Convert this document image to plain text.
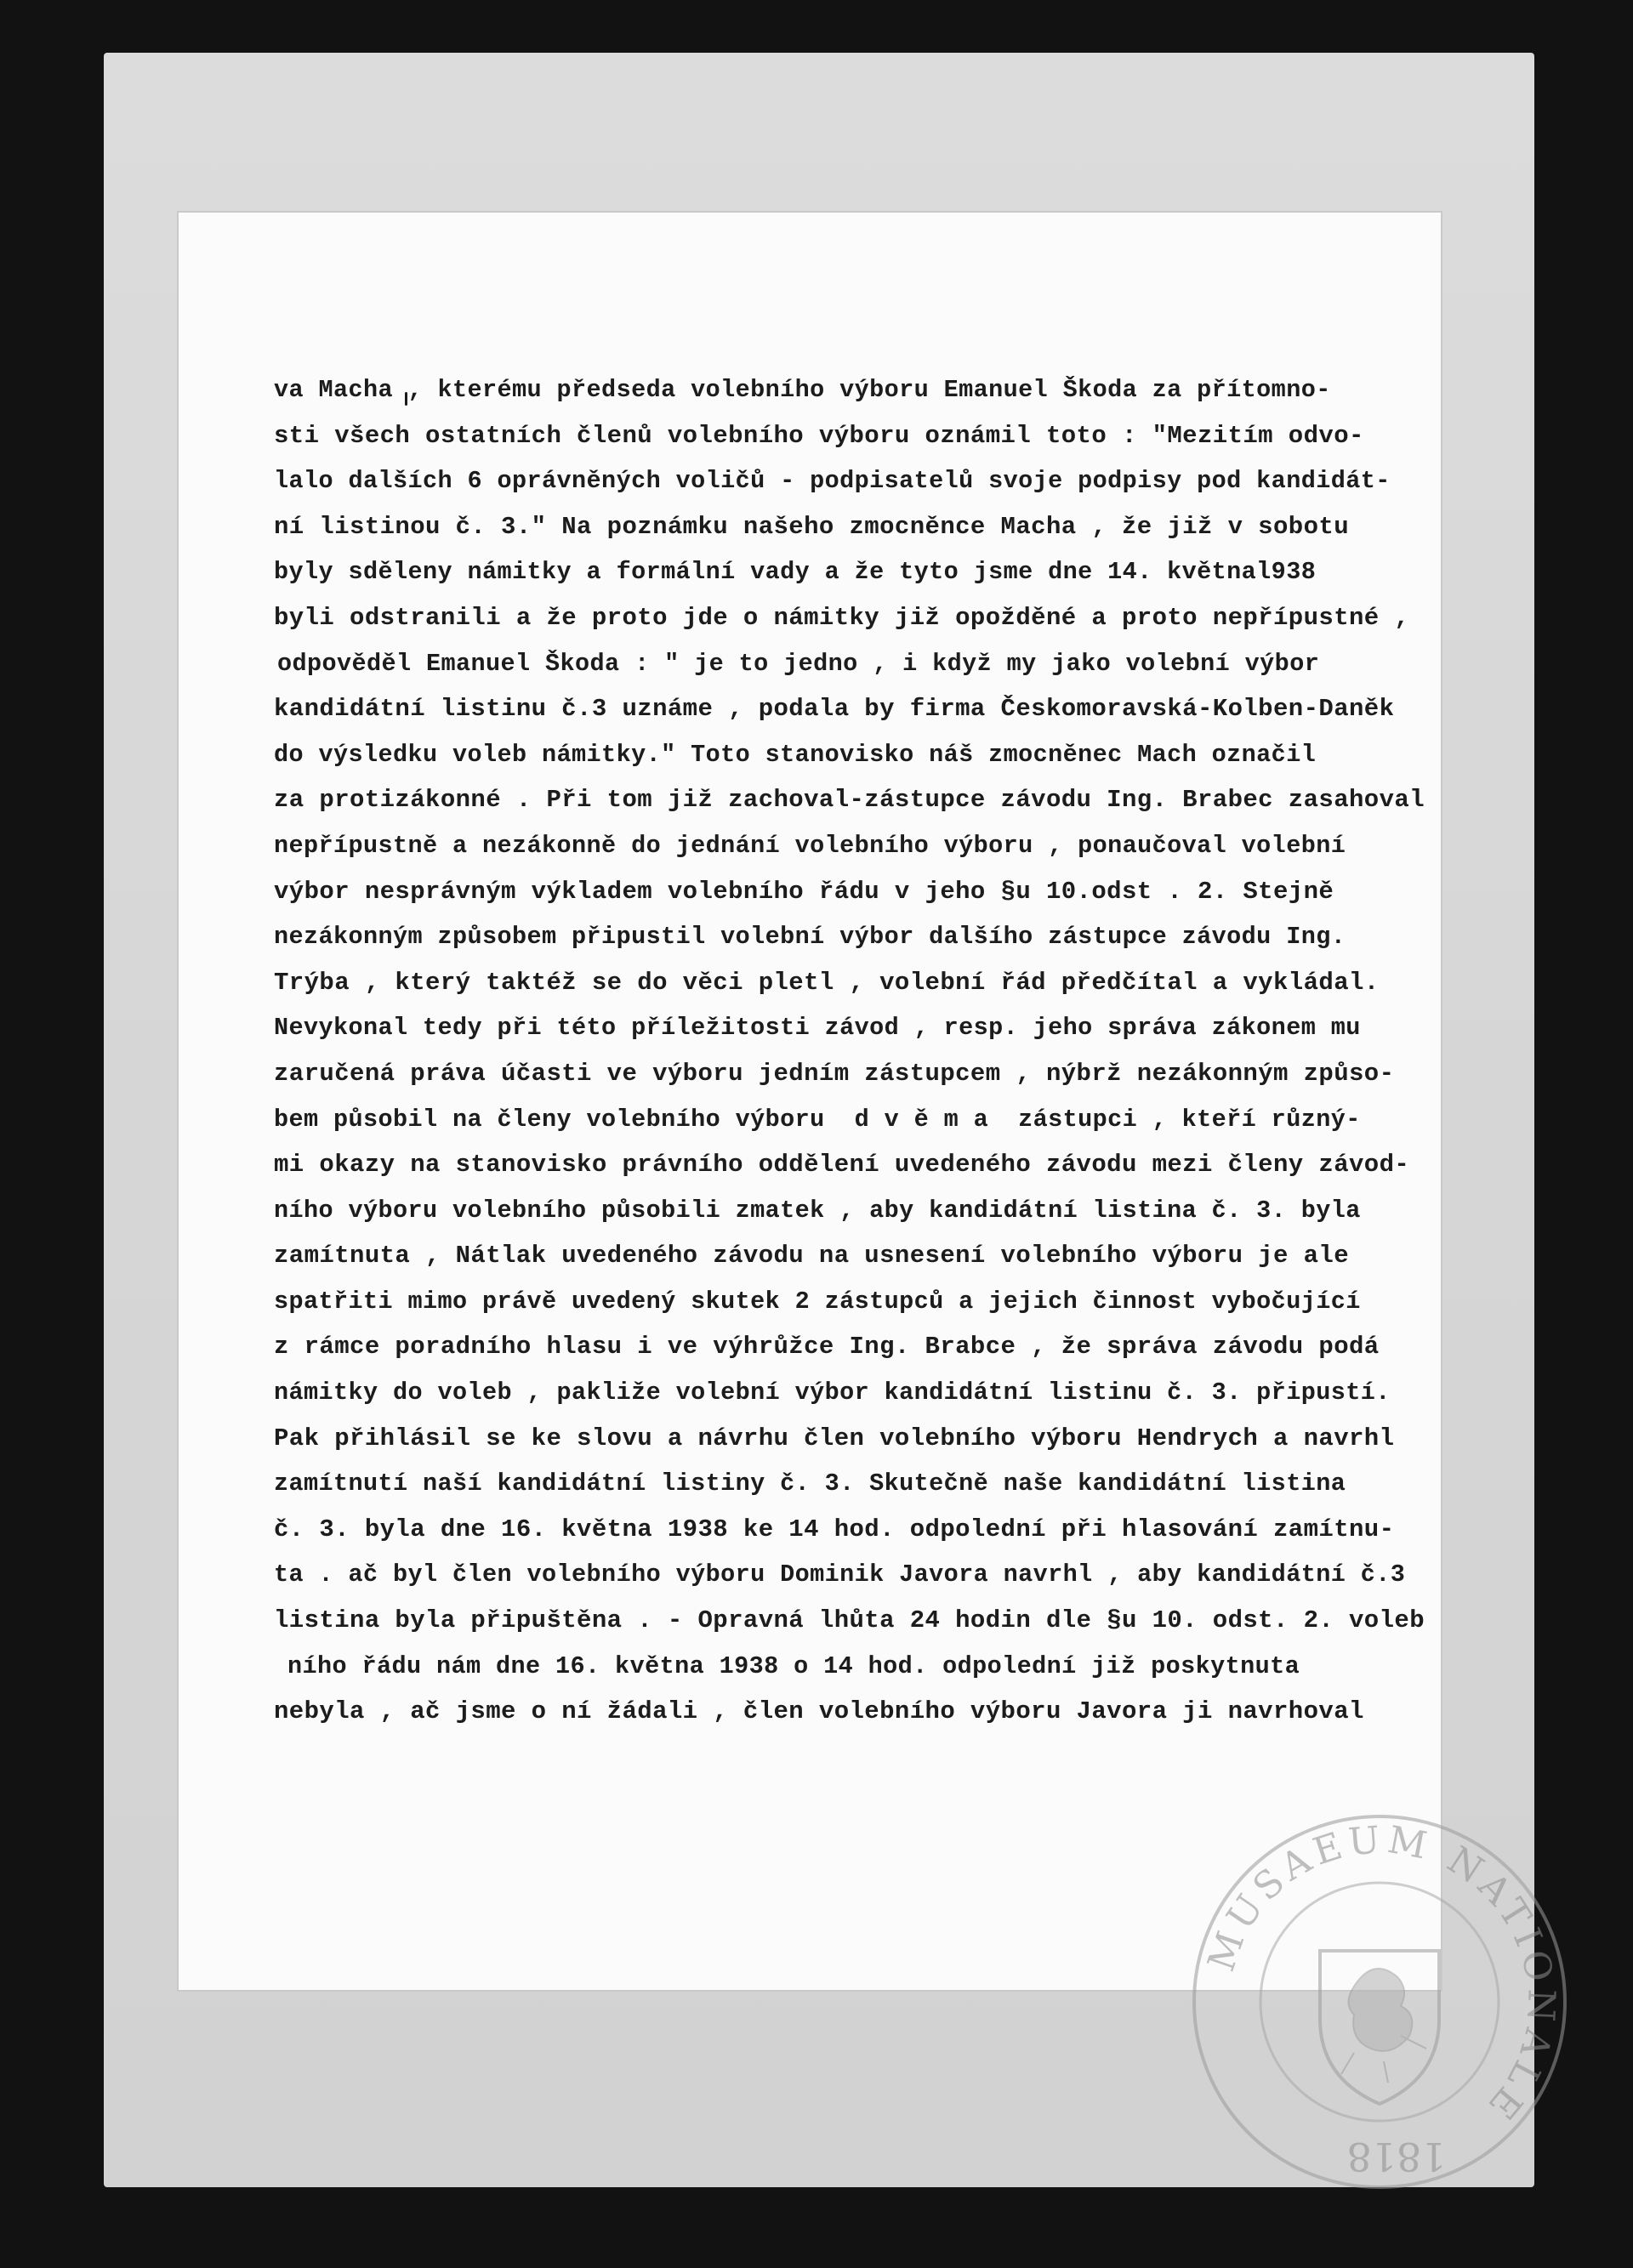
va Macha , kterému předseda volebního výboru Emanuel Škoda za přítomno-
sti všech ostatních členů volebního výboru oznámil toto : "Mezitím odvo-
lalo dalších 6 oprávněných voličů - podpisatelů svoje podpisy pod kandidát-
ní listinou č. 3." Na poznámku našeho zmocněnce Macha , že již v sobotu
byly sděleny námitky a formální vady a že tyto jsme dne 14. květnal938
byli odstranili a že proto jde o námitky již opožděné a proto nepřípustné ,
odpověděl Emanuel Škoda : " je to jedno , i když my jako volební výbor
kandidátní listinu č.3 uznáme , podala by firma Českomoravská-Kolben-Daněk
do výsledku voleb námitky." Toto stanovisko náš zmocněnec Mach označil
za protizákonné . Při tom již zachoval-zástupce závodu Ing. Brabec zasahoval
nepřípustně a nezákonně do jednání volebního výboru , ponaučoval volební
výbor nesprávným výkladem volebního řádu v jeho §u 10.odst . 2. Stejně
nezákonným způsobem připustil volební výbor dalšího zástupce závodu Ing.
Trýba , který taktéž se do věci pletl , volební řád předčítal a vykládal.
Nevykonal tedy při této příležitosti závod , resp. jeho správa zákonem mu
zaručená práva účasti ve výboru jedním zástupcem , nýbrž nezákonným způso-
bem působil na členy volebního výboru  d v ě m a  zástupci , kteří různý-
mi okazy na stanovisko právního oddělení uvedeného závodu mezi členy závod-
ního výboru volebního působili zmatek , aby kandidátní listina č. 3. byla
zamítnuta , Nátlak uvedeného závodu na usnesení volebního výboru je ale
spatřiti mimo právě uvedený skutek 2 zástupců a jejich činnost vybočující
z rámce poradního hlasu i ve výhrůžce Ing. Brabce , že správa závodu podá
námitky do voleb , pakliže volební výbor kandidátní listinu č. 3. připustí.
Pak přihlásil se ke slovu a návrhu člen volebního výboru Hendrych a navrhl
zamítnutí naší kandidátní listiny č. 3. Skutečně naše kandidátní listina
č. 3. byla dne 16. května 1938 ke 14 hod. odpolední při hlasování zamítnu-
ta . ač byl člen volebního výboru Dominik Javora navrhl , aby kandidátní č.3
listina byla připuštěna . - Opravná lhůta 24 hodin dle §u 10. odst. 2. voleb
ního řádu nám dne 16. května 1938 o 14 hod. odpolední již poskytnuta
nebyla , ač jsme o ní žádali , člen volebního výboru Javora ji navrhoval
MUSAEUM NATIONALE
1818
